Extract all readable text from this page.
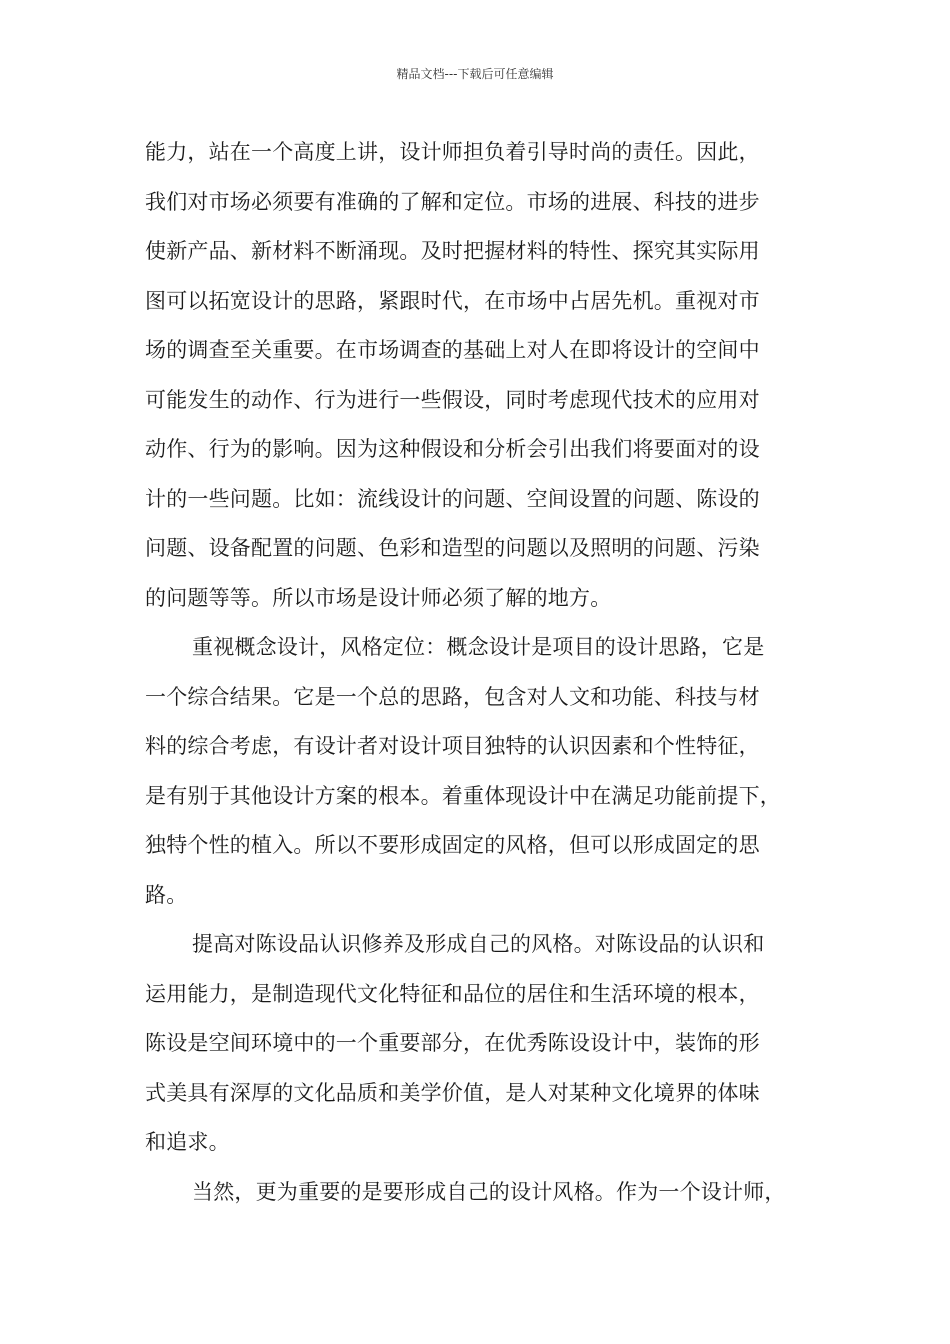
精品文档---下载后可任意编辑
能力，站在一个高度上讲，设计师担负着引导时尚的责任。因此，
我们对市场必须要有准确的了解和定位。市场的进展、科技的进步
使新产品、新材料不断涌现。及时把握材料的特性、探究其实际用
图可以拓宽设计的思路，紧跟时代，在市场中占居先机。重视对市
场的调查至关重要。在市场调查的基础上对人在即将设计的空间中
可能发生的动作、行为进行一些假设，同时考虑现代技术的应用对
动作、行为的影响。因为这种假设和分析会引出我们将要面对的设
计的一些问题。比如：流线设计的问题、空间设置的问题、陈设的
问题、设备配置的问题、色彩和造型的问题以及照明的问题、污染
的问题等等。所以市场是设计师必须了解的地方。
重视概念设计，风格定位：概念设计是项目的设计思路，它是
一个综合结果。它是一个总的思路，包含对人文和功能、科技与材
料的综合考虑，有设计者对设计项目独特的认识因素和个性特征，
是有别于其他设计方案的根本。着重体现设计中在满足功能前提下，
独特个性的植入。所以不要形成固定的风格，但可以形成固定的思
路。
提高对陈设品认识修养及形成自己的风格。对陈设品的认识和
运用能力，是制造现代文化特征和品位的居住和生活环境的根本，
陈设是空间环境中的一个重要部分，在优秀陈设设计中，装饰的形
式美具有深厚的文化品质和美学价值，是人对某种文化境界的体味
和追求。
当然，更为重要的是要形成自己的设计风格。作为一个设计师，
